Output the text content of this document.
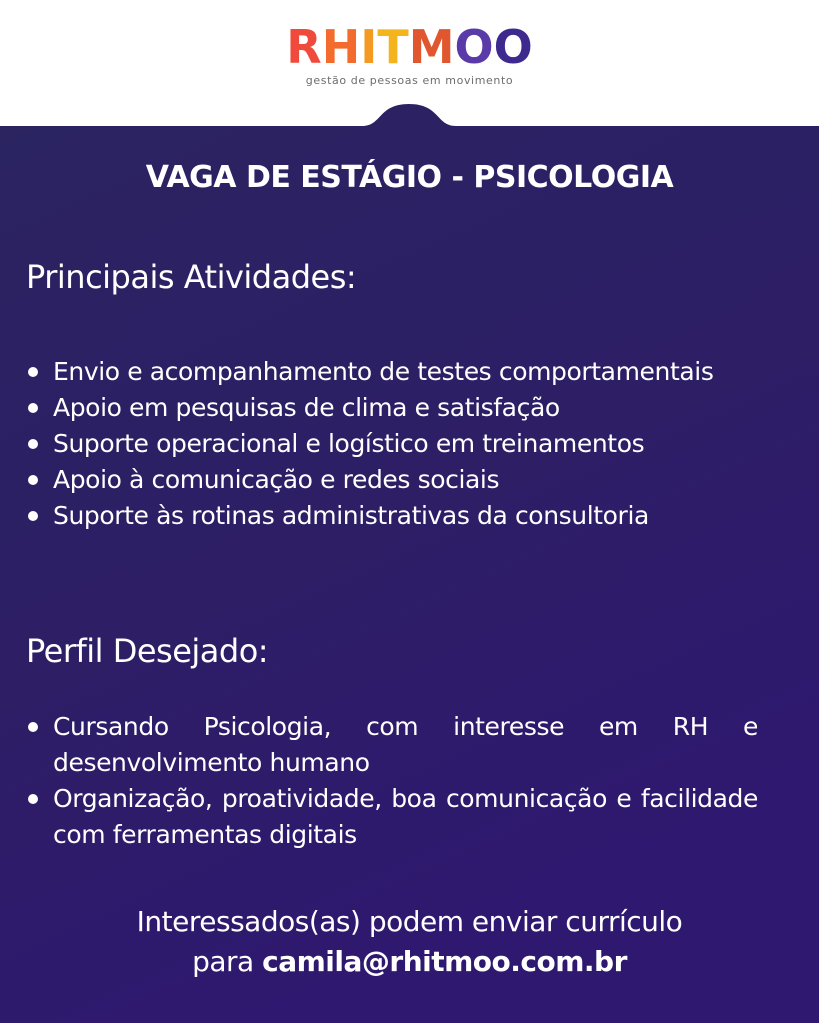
RHITMOO
gestão de pessoas em movimento
VAGA DE ESTÁGIO - PSICOLOGIA
Principais Atividades:
Envio e acompanhamento de testes comportamentais
Apoio em pesquisas de clima e satisfação
Suporte operacional e logístico em treinamentos
Apoio à comunicação e redes sociais
Suporte às rotinas administrativas da consultoria
Perfil Desejado:
Cursando Psicologia, com interesse em RH e desenvolvimento humano
Organização, proatividade, boa comunicação e facilidade com ferramentas digitais
Interessados(as) podem enviar currículo
para camila@rhitmoo.com.br
